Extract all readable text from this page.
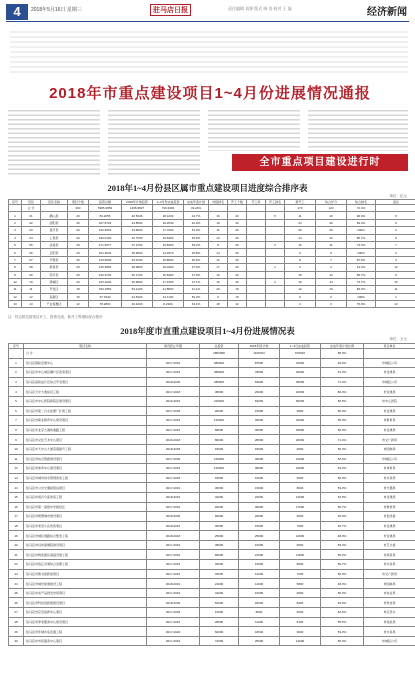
4	2018年5月16日 星期三	驻马店日报	责任编辑 刘源 版式 韩 涛 校对 王 磊	经济新闻
2018年市重点建设项目1~4月份进展情况通报
全市重点项目建设进行时
2018年1~4月份县区属市重点建设项目进度综合排序表
单位：亿元
序号	县区	县区名称	项目个数	投资总额	2018年计划投资	1~4月份完成投资	完成年度计划	市级排名	开工个数	开工率	开工排名	新开工	综合评分	综合排名	备注
	合 计		393	5965.6853	1495.8827	736.6403	49.24%					170	123	72.4%	
1	01	确山县	20	84.2055	40.5646	18.1203	44.7%	16	20		5	11	10	90.9%	5
2	02	泌阳县	20	167.6726	44.8500	19.2530	42.9%	19	20			24	20	83.3%	9
3	03	遂平县	20	132.6053	34.8000	17.7600	51.0%	11	20			20	20	100%	3
4	04	上蔡县	20	190.0130	42.7500	19.6300	45.9%	13	20			14	12	85.7%	8
5	05	汝南县	20	171.0677	37.2700	19.8300	53.2%	8	20		3	15	11	73.3%	7
6	06	正阳县	20	101.4534	30.9600	14.1870	45.8%	14	20			9	9	100%	2
7	07	平舆县	20	125.5000	33.9700	15.8000	46.5%	12	20			8	7	87.5%	4
8	08	新蔡县	20	145.9666	39.9800	19.0400	47.6%	17	20		1	9	4	44.4%	12
9	09	西平县	20	140.9730	35.1700	16.8400	47.9%	10	20			15	13	86.7%	6
10	10	驿城区	20	166.4200	36.9800	17.4300	47.1%	15	20		2	19	14	73.7%	10
11	11	开发区	15	233.1550	53.2100	21.8500	41.1%	20	15			12	10	83.3%	11
12	12	高新区	15	97.3340	24.6200	13.1100	53.2%	9	15			6	6	100%	1
13	13	产业集聚区	12	78.2800	19.1000	8.2300	43.1%	18	12			4	3	75.0%	13
注：综合排名按项目开工、投资完成、新开工等指标综合排序
2018年度市直重点建设项目1~4月份进展情况表
单位：万元
序号	项目名称	建设起止年限	总投资	2018年度计划	1~4月完成投资	完成年度计划比例	责任单位
	合 计		2853968	1169794	678326	58.0%	
1	驻马店国际会展中心	2017-2019	980000	87900	41000	46.6%	市城投公司
2	驻马店市中心城区棚户区改造项目	2017-2019	380000	78000	40000	51.3%	市住建局
3	驻马店高铁站片区综合开发项目	2018-2020	280000	63000	45000	71.4%	市城投公司
4	驻马店天中大道东延工程	2017-2018	38000	20000	16000	80.0%	市住建局
5	驻马店市中心医院新院区建设项目	2016-2019	220000	63000	52000	82.5%	市中心医院
6	驻马店市第二污水处理厂扩建工程	2017-2018	26000	15000	9000	60.0%	市住建局
7	驻马店市职业教育中心建设项目	2017-2019	120000	40000	22000	55.0%	市教育局
8	驻马店市北京大道快速路工程	2017-2019	68000	30000	18000	60.0%	市住建局
9	驻马店市文化艺术中心项目	2016-2018	86000	28000	20000	71.4%	市文广新局
10	驻马店市天中山大道景观提升工程	2018-2018	18000	18000	9000	50.0%	市园林局
11	驻马店市综合管廊建设项目	2017-2020	150000	40000	21000	52.5%	市城投公司
12	驻马店市体育中心建设项目	2017-2019	120000	38000	24000	63.2%	市体育局
13	驻马店市城市供水管网改造工程	2017-2018	18000	10000	6000	60.0%	市水务局
14	驻马店市公共交通枢纽站项目	2017-2019	36000	15000	8000	53.3%	市交通局
15	驻马店市雨污分流改造工程	2018-2019	42000	22000	12000	54.5%	市住建局
16	驻马店市第一高级中学新校区	2017-2019	92000	30000	17000	56.7%	市教育局
17	驻马店市智慧城市建设项目	2018-2020	60000	20000	9000	45.0%	市发改委
18	驻马店市老旧小区改造项目	2018-2019	30000	15000	7000	46.7%	市住建局
19	驻马店市城区道路综合整治工程	2018-2018	25000	25000	12000	48.0%	市住建局
20	驻马店市妇幼保健院建设项目	2017-2019	48000	16000	9500	59.4%	市卫计委
21	驻马店市物流园区基础设施工程	2017-2019	65000	21000	11800	56.2%	市商务局
22	驻马店市练江河道综合治理工程	2017-2019	40000	15000	8500	56.7%	市水务局
23	驻马店市图书馆新馆项目	2017-2019	32000	12000	7200	60.0%	市文广新局
24	驻马店市城市绿道建设工程	2018-2019	24000	12000	5800	48.3%	市园林局
25	驻马店市农产品批发市场项目	2017-2019	44000	16000	9000	56.3%	市农业局
26	驻马店市科技创新园建设项目	2018-2020	54000	18000	8200	45.6%	市科技局
27	驻马店市应急指挥中心项目	2017-2018	16000	8000	5000	62.5%	市应急办
28	驻马店市养老服务中心建设项目	2017-2019	28000	11000	6100	55.5%	市民政局
29	驻马店市环城水系连通工程	2017-2020	60000	18000	9600	53.3%	市水务局
30	驻马店市市民服务中心项目	2017-2019	74000	25000	14000	56.0%	市城投公司
